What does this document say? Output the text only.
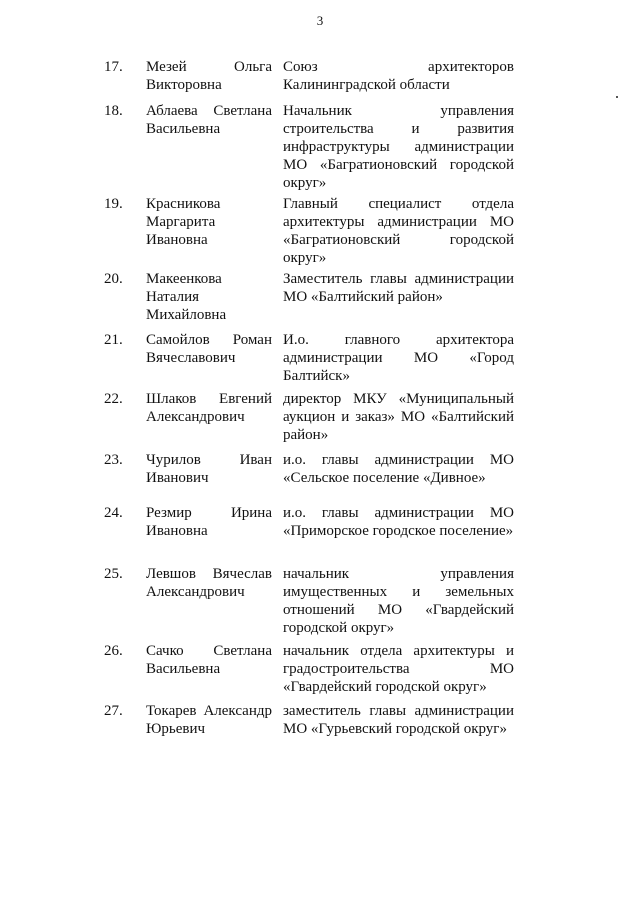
3
17.	Мезей Ольга Викторовна
Союз архитекторов Калининградской области
18.	Аблаева Светлана Васильевна
Начальник управления строительства и развития инфраструктуры администрации МО «Багратионовский городской округ»
19.	Красникова Маргарита Ивановна
Главный специалист отдела архитектуры администрации МО «Багратионовский городской округ»
20.	Макеенкова Наталия Михайловна
Заместитель главы администрации МО «Балтийский район»
21.	Самойлов Роман Вячеславович
И.о. главного архитектора администрации МО «Город Балтийск»
22.	Шлаков Евгений Александрович
директор МКУ «Муниципальный аукцион и заказ» МО «Балтийский район»
23.	Чурилов Иван Иванович
и.о. главы администрации МО «Сельское поселение «Дивное»
24.	Резмир Ирина Ивановна
и.о. главы администрации МО «Приморское городское поселение»
25.	Левшов Вячеслав Александрович
начальник управления имущественных и земельных отношений МО «Гвардейский городской округ»
26.	Сачко Светлана Васильевна
начальник отдела архитектуры и градостроительства МО «Гвардейский городской округ»
27.	Токарев Александр Юрьевич
заместитель главы администрации МО «Гурьевский городской округ»
